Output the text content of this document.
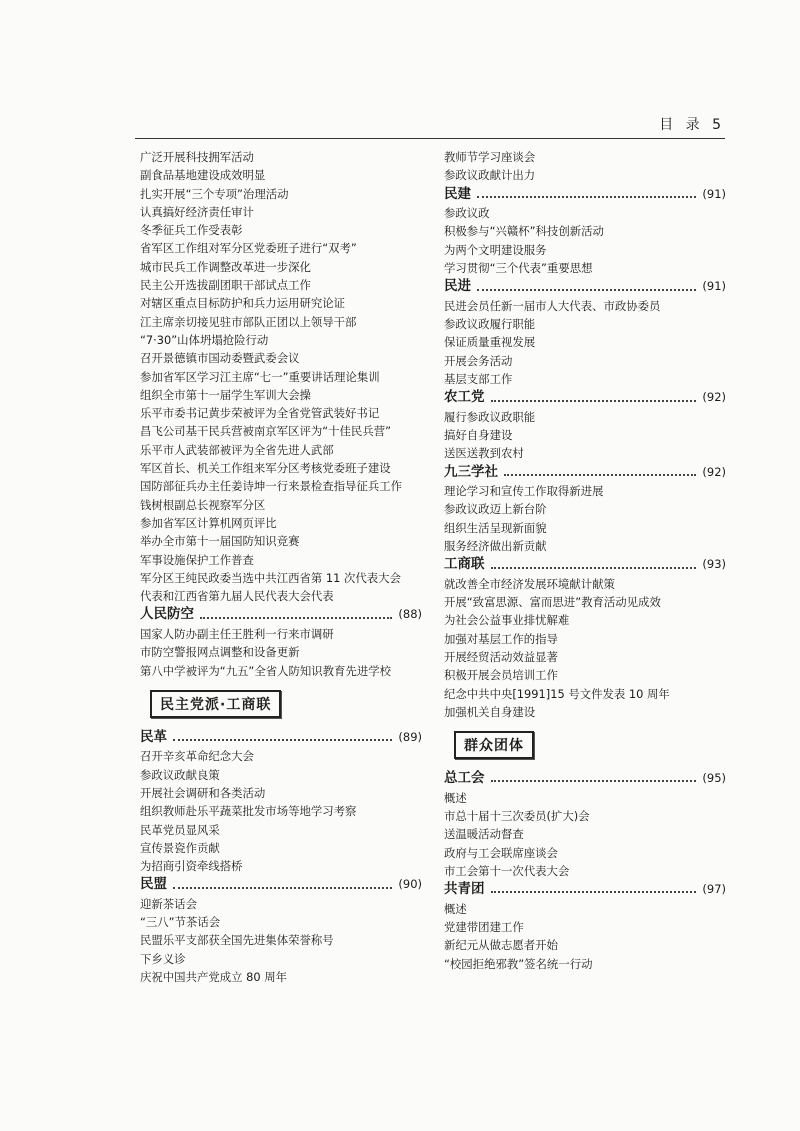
目 录 5
广泛开展科技拥军活动
副食品基地建设成效明显
扎实开展“三个专项”治理活动
认真搞好经济责任审计
冬季征兵工作受表彰
省军区工作组对军分区党委班子进行“双考”
城市民兵工作调整改革进一步深化
民主公开选拔副团职干部试点工作
对辖区重点目标防护和兵力运用研究论证
江主席亲切接见驻市部队正团以上领导干部
“7·30”山体坍塌抢险行动
召开景德镇市国动委暨武委会议
参加省军区学习江主席“七一”重要讲话理论集训
组织全市第十一届学生军训大会操
乐平市委书记黄步荣被评为全省党管武装好书记
昌飞公司基干民兵营被南京军区评为“十佳民兵营”
乐平市人武装部被评为全省先进人武部
军区首长、机关工作组来军分区考核党委班子建设
国防部征兵办主任姜诗坤一行来景检查指导征兵工作
钱树根副总长视察军分区
参加省军区计算机网页评比
举办全市第十一届国防知识竞赛
军事设施保护工作普查
军分区王纯民政委当选中共江西省第 11 次代表大会
代表和江西省第九届人民代表大会代表
人民防空	(88)
国家人防办副主任王胜利一行来市调研
市防空警报网点调整和设备更新
第八中学被评为“九五”全省人防知识教育先进学校
民主党派·工商联
民革	(89)
召开辛亥革命纪念大会
参政议政献良策
开展社会调研和各类活动
组织教师赴乐平蔬菜批发市场等地学习考察
民革党员显风采
宣传景瓷作贡献
为招商引资牵线搭桥
民盟	(90)
迎新茶话会
“三八”节茶话会
民盟乐平支部获全国先进集体荣誉称号
下乡义诊
庆祝中国共产党成立 80 周年
教师节学习座谈会
参政议政献计出力
民建	(91)
参政议政
积极参与“兴赣杯”科技创新活动
为两个文明建设服务
学习贯彻“三个代表”重要思想
民进	(91)
民进会员任新一届市人大代表、市政协委员
参政议政履行职能
保证质量重视发展
开展会务活动
基层支部工作
农工党	(92)
履行参政议政职能
搞好自身建设
送医送教到农村
九三学社	(92)
理论学习和宣传工作取得新进展
参政议政迈上新台阶
组织生活呈现新面貌
服务经济做出新贡献
工商联	(93)
就改善全市经济发展环境献计献策
开展“致富思源、富而思进”教育活动见成效
为社会公益事业排忧解难
加强对基层工作的指导
开展经贸活动效益显著
积极开展会员培训工作
纪念中共中央[1991]15 号文件发表 10 周年
加强机关自身建设
群众团体
总工会	(95)
概述
市总十届十三次委员(扩大)会
送温暖活动督查
政府与工会联席座谈会
市工会第十一次代表大会
共青团	(97)
概述
党建带团建工作
新纪元从做志愿者开始
“校园拒绝邪教”签名统一行动
